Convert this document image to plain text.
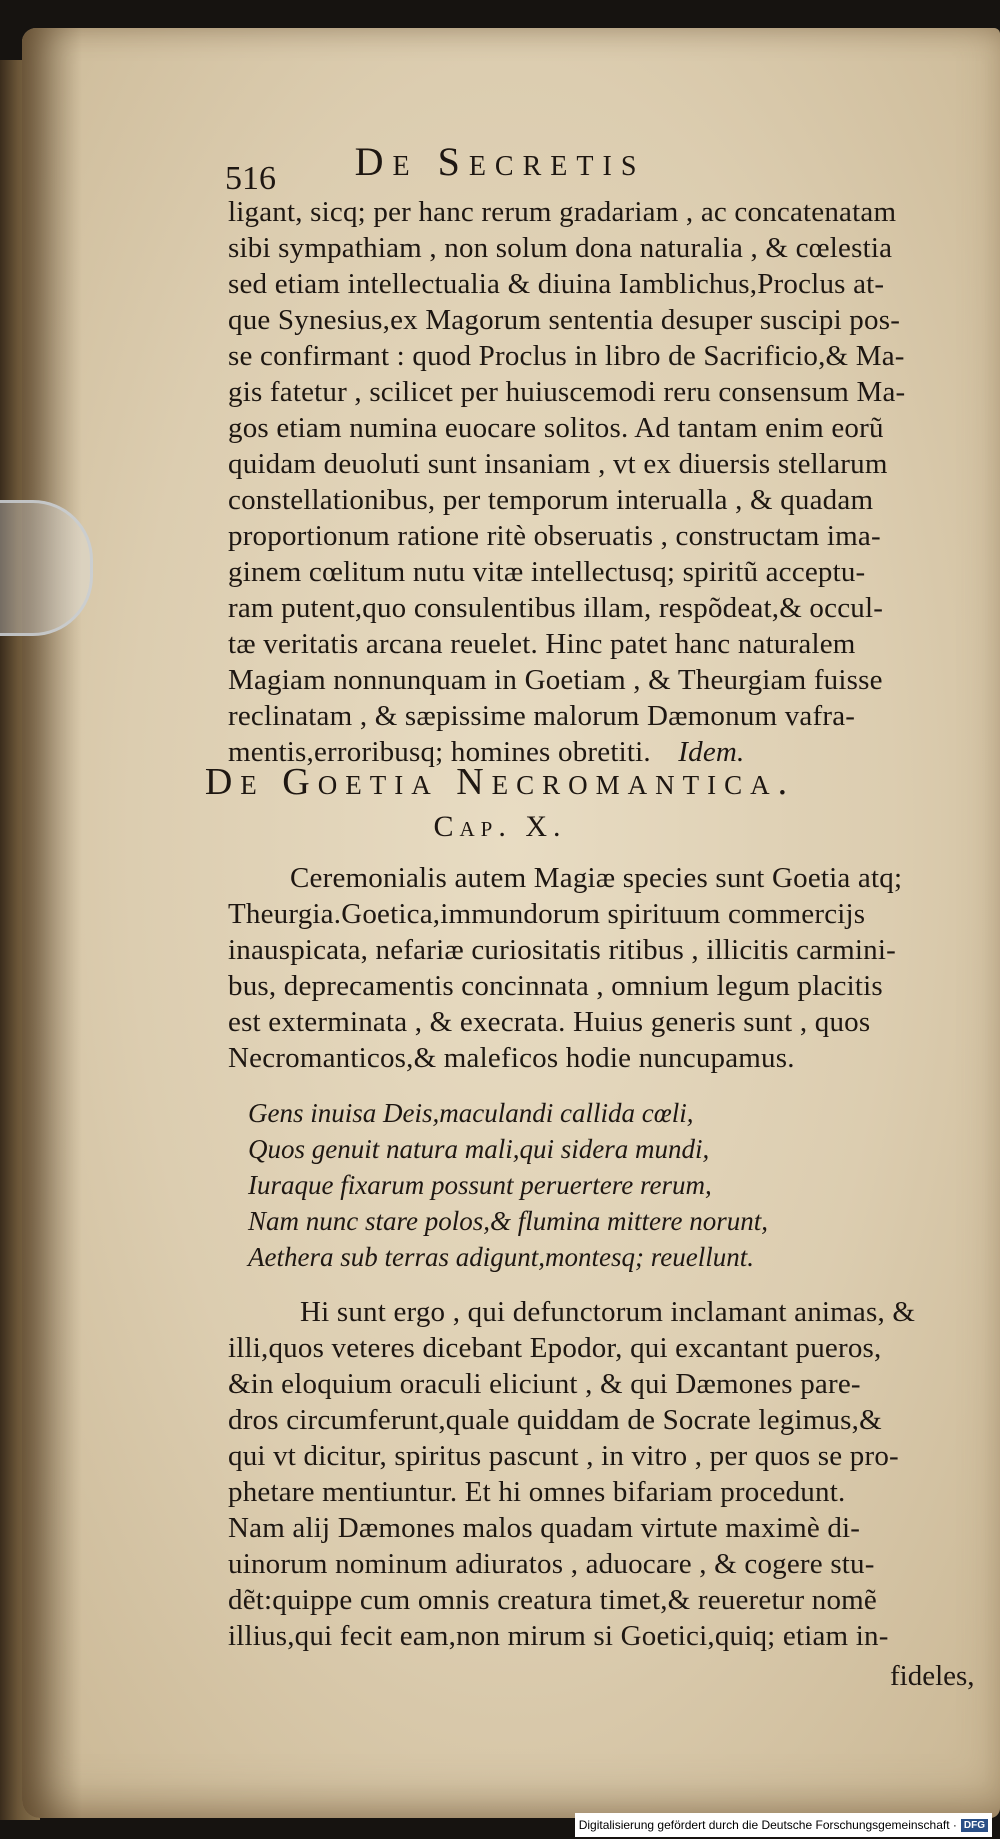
516	De Secretis
ligant, sicq; per hanc rerum gradariam , ac concatenatam
sibi sympathiam , non solum dona naturalia , & cœlestia
sed etiam intellectualia & diuina Iamblichus,Proclus at-
que Synesius,ex Magorum sententia desuper suscipi pos-
se confirmant : quod Proclus in libro de Sacrificio,& Ma-
gis fatetur , scilicet per huiuscemodi reru consensum Ma-
gos etiam numina euocare solitos. Ad tantam enim eorũ
quidam deuoluti sunt insaniam , vt ex diuersis stellarum
constellationibus, per temporum interualla , & quadam
proportionum ratione ritè obseruatis , constructam ima-
ginem cœlitum nutu vitæ intellectusq; spiritũ acceptu-
ram putent,quo consulentibus illam, respõdeat,& occul-
tæ veritatis arcana reuelet. Hinc patet hanc naturalem
Magiam nonnunquam in Goetiam , & Theurgiam fuisse
reclinatam , & sæpissime malorum Dæmonum vafra-
mentis,erroribusq; homines obretiti. Idem.
De Goetia Necromantica.
Cap. X.
Ceremonialis autem Magiæ species sunt Goetia atq;
Theurgia.Goetica,immundorum spirituum commercijs
inauspicata, nefariæ curiositatis ritibus , illicitis carmini-
bus, deprecamentis concinnata , omnium legum placitis
est exterminata , & execrata. Huius generis sunt , quos
Necromanticos,& maleficos hodie nuncupamus.
Gens inuisa Deis,maculandi callida cœli,
Quos genuit natura mali,qui sidera mundi,
Iuraque fixarum possunt peruertere rerum,
Nam nunc stare polos,& flumina mittere norunt,
Aethera sub terras adigunt,montesq; reuellunt.
Hi sunt ergo , qui defunctorum inclamant animas, &
illi,quos veteres dicebant Epodor, qui excantant pueros,
&in eloquium oraculi eliciunt , & qui Dæmones pare-
dros circumferunt,quale quiddam de Socrate legimus,&
qui vt dicitur, spiritus pascunt , in vitro , per quos se pro-
phetare mentiuntur. Et hi omnes bifariam procedunt.
Nam alij Dæmones malos quadam virtute maximè di-
uinorum nominum adiuratos , aduocare , & cogere stu-
dẽt:quippe cum omnis creatura timet,& reueretur nomẽ
illius,qui fecit eam,non mirum si Goetici,quiq; etiam in-
fideles,
Digitalisierung gefördert durch die Deutsche Forschungsgemeinschaft · DFG
